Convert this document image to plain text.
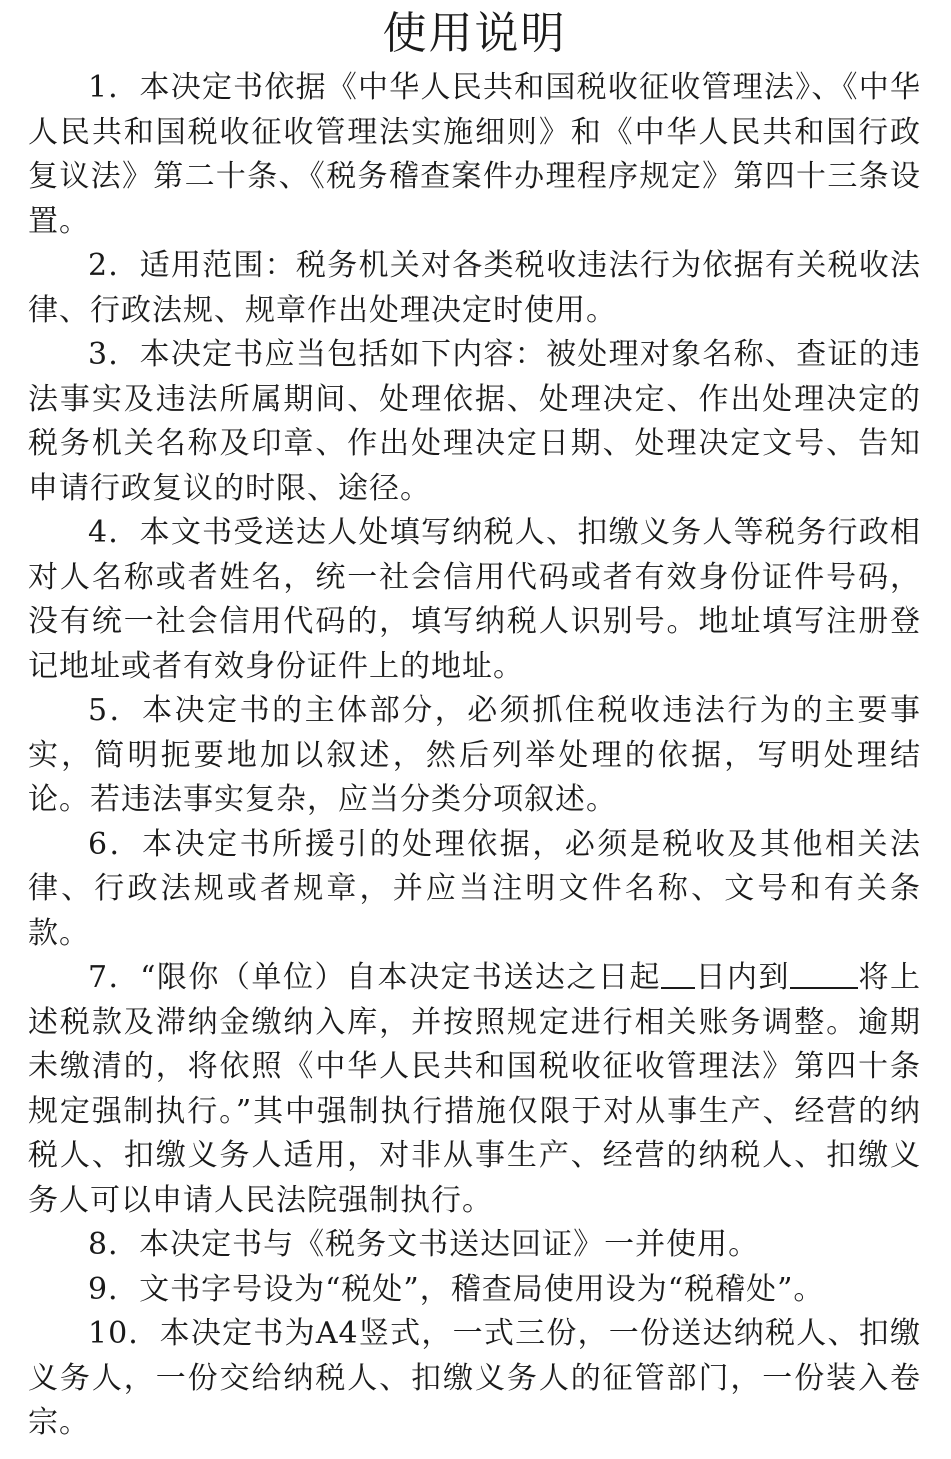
使用说明

1．本决定书依据《中华人民共和国税收征收管理法》、《中华人民共和国税收征收管理法实施细则》和《中华人民共和国行政复议法》第二十条、《税务稽查案件办理程序规定》第四十三条设置。

2．适用范围：税务机关对各类税收违法行为依据有关税收法律、行政法规、规章作出处理决定时使用。

3．本决定书应当包括如下内容：被处理对象名称、查证的违法事实及违法所属期间、处理依据、处理决定、作出处理决定的税务机关名称及印章、作出处理决定日期、处理决定文号、告知申请行政复议的时限、途径。

4．本文书受送达人处填写纳税人、扣缴义务人等税务行政相对人名称或者姓名，统一社会信用代码或者有效身份证件号码，没有统一社会信用代码的，填写纳税人识别号。地址填写注册登记地址或者有效身份证件上的地址。

5．本决定书的主体部分，必须抓住税收违法行为的主要事实，简明扼要地加以叙述，然后列举处理的依据，写明处理结论。若违法事实复杂，应当分类分项叙述。

6．本决定书所援引的处理依据，必须是税收及其他相关法律、行政法规或者规章，并应当注明文件名称、文号和有关条款。

7．“限你（单位）自本决定书送达之日起 日内到 将上述税款及滞纳金缴纳入库，并按照规定进行相关账务调整。逾期未缴清的，将依照《中华人民共和国税收征收管理法》第四十条规定强制执行。”其中强制执行措施仅限于对从事生产、经营的纳税人、扣缴义务人适用，对非从事生产、经营的纳税人、扣缴义务人可以申请人民法院强制执行。

8．本决定书与《税务文书送达回证》一并使用。

9．文书字号设为“税处”，稽查局使用设为“税稽处”。

10．本决定书为A4竖式，一式三份，一份送达纳税人、扣缴义务人，一份交给纳税人、扣缴义务人的征管部门，一份装入卷宗。
